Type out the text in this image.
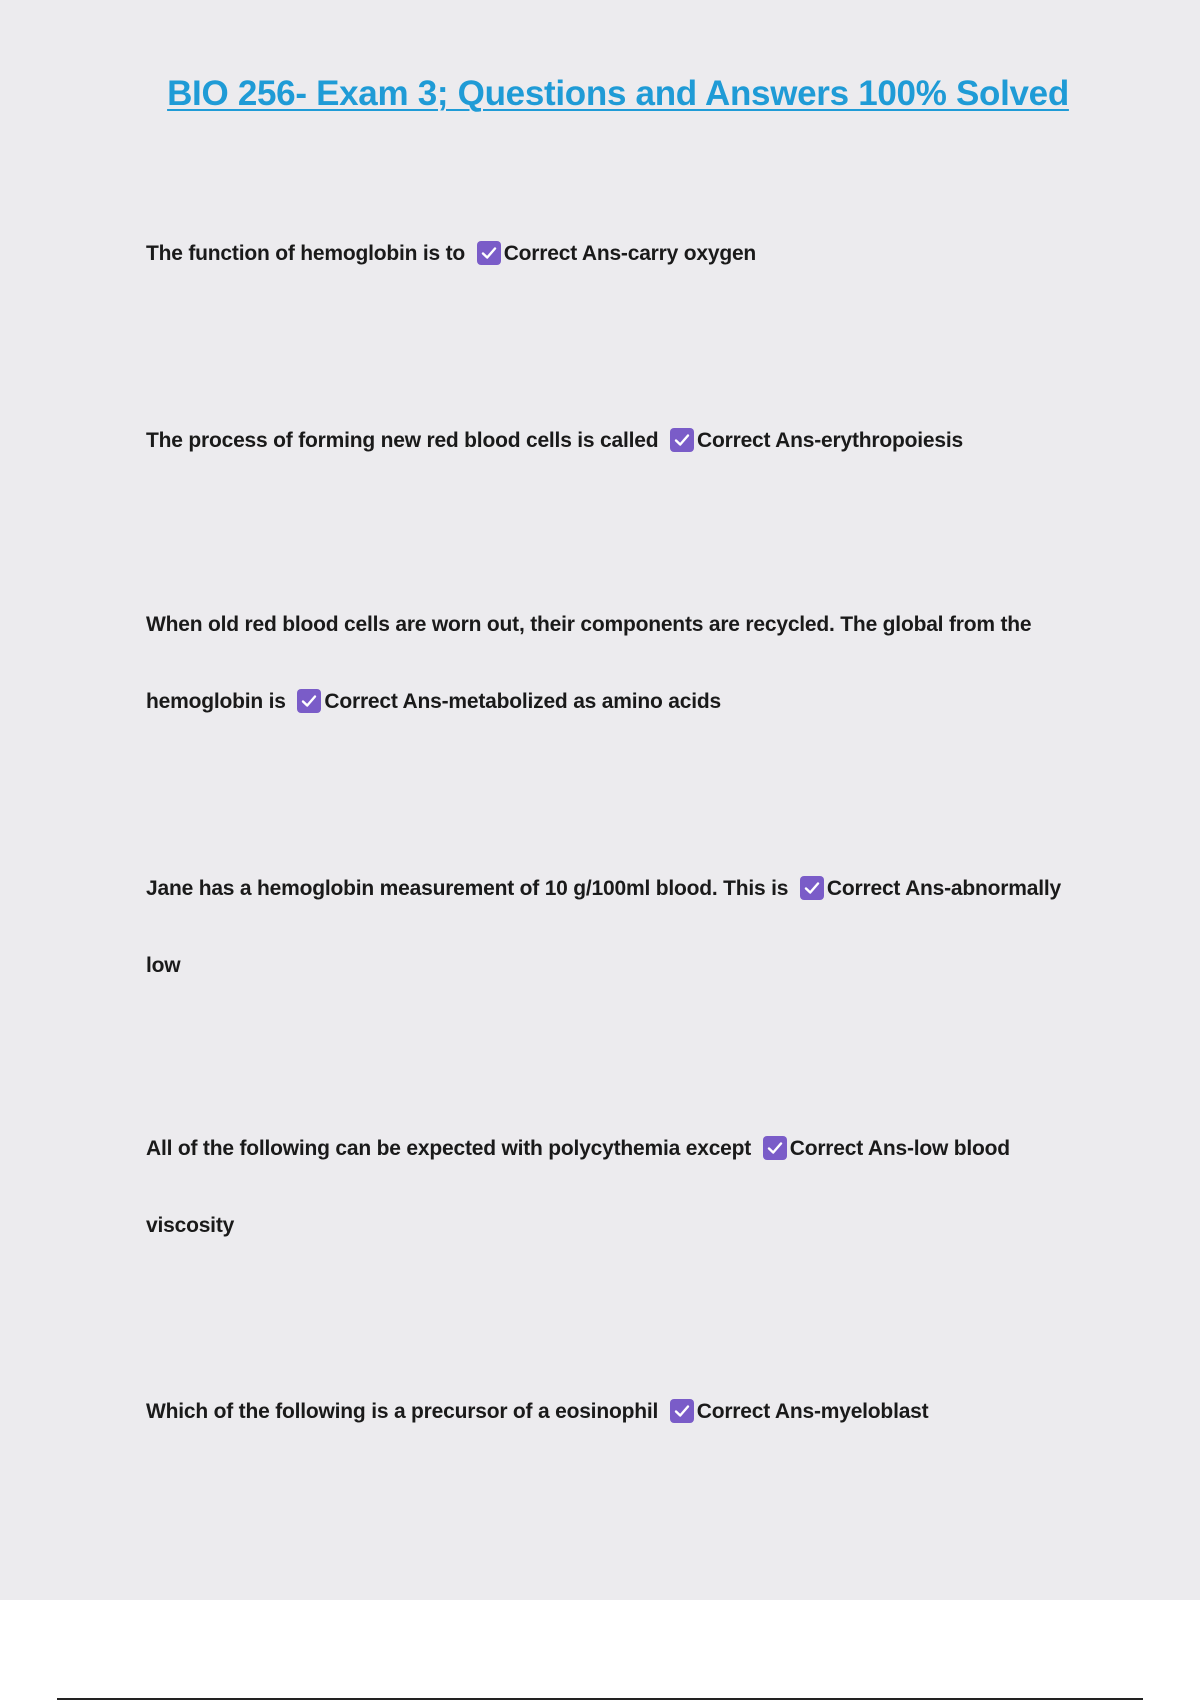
BIO 256- Exam 3; Questions and Answers 100% Solved

The function of hemoglobin is to Correct Ans-carry oxygen

The process of forming new red blood cells is called Correct Ans-erythropoiesis

When old red blood cells are worn out, their components are recycled. The global from the hemoglobin is Correct Ans-metabolized as amino acids

Jane has a hemoglobin measurement of 10 g/100ml blood. This is Correct Ans-abnormally low

All of the following can be expected with polycythemia except Correct Ans-low blood viscosity

Which of the following is a precursor of a eosinophil Correct Ans-myeloblast
